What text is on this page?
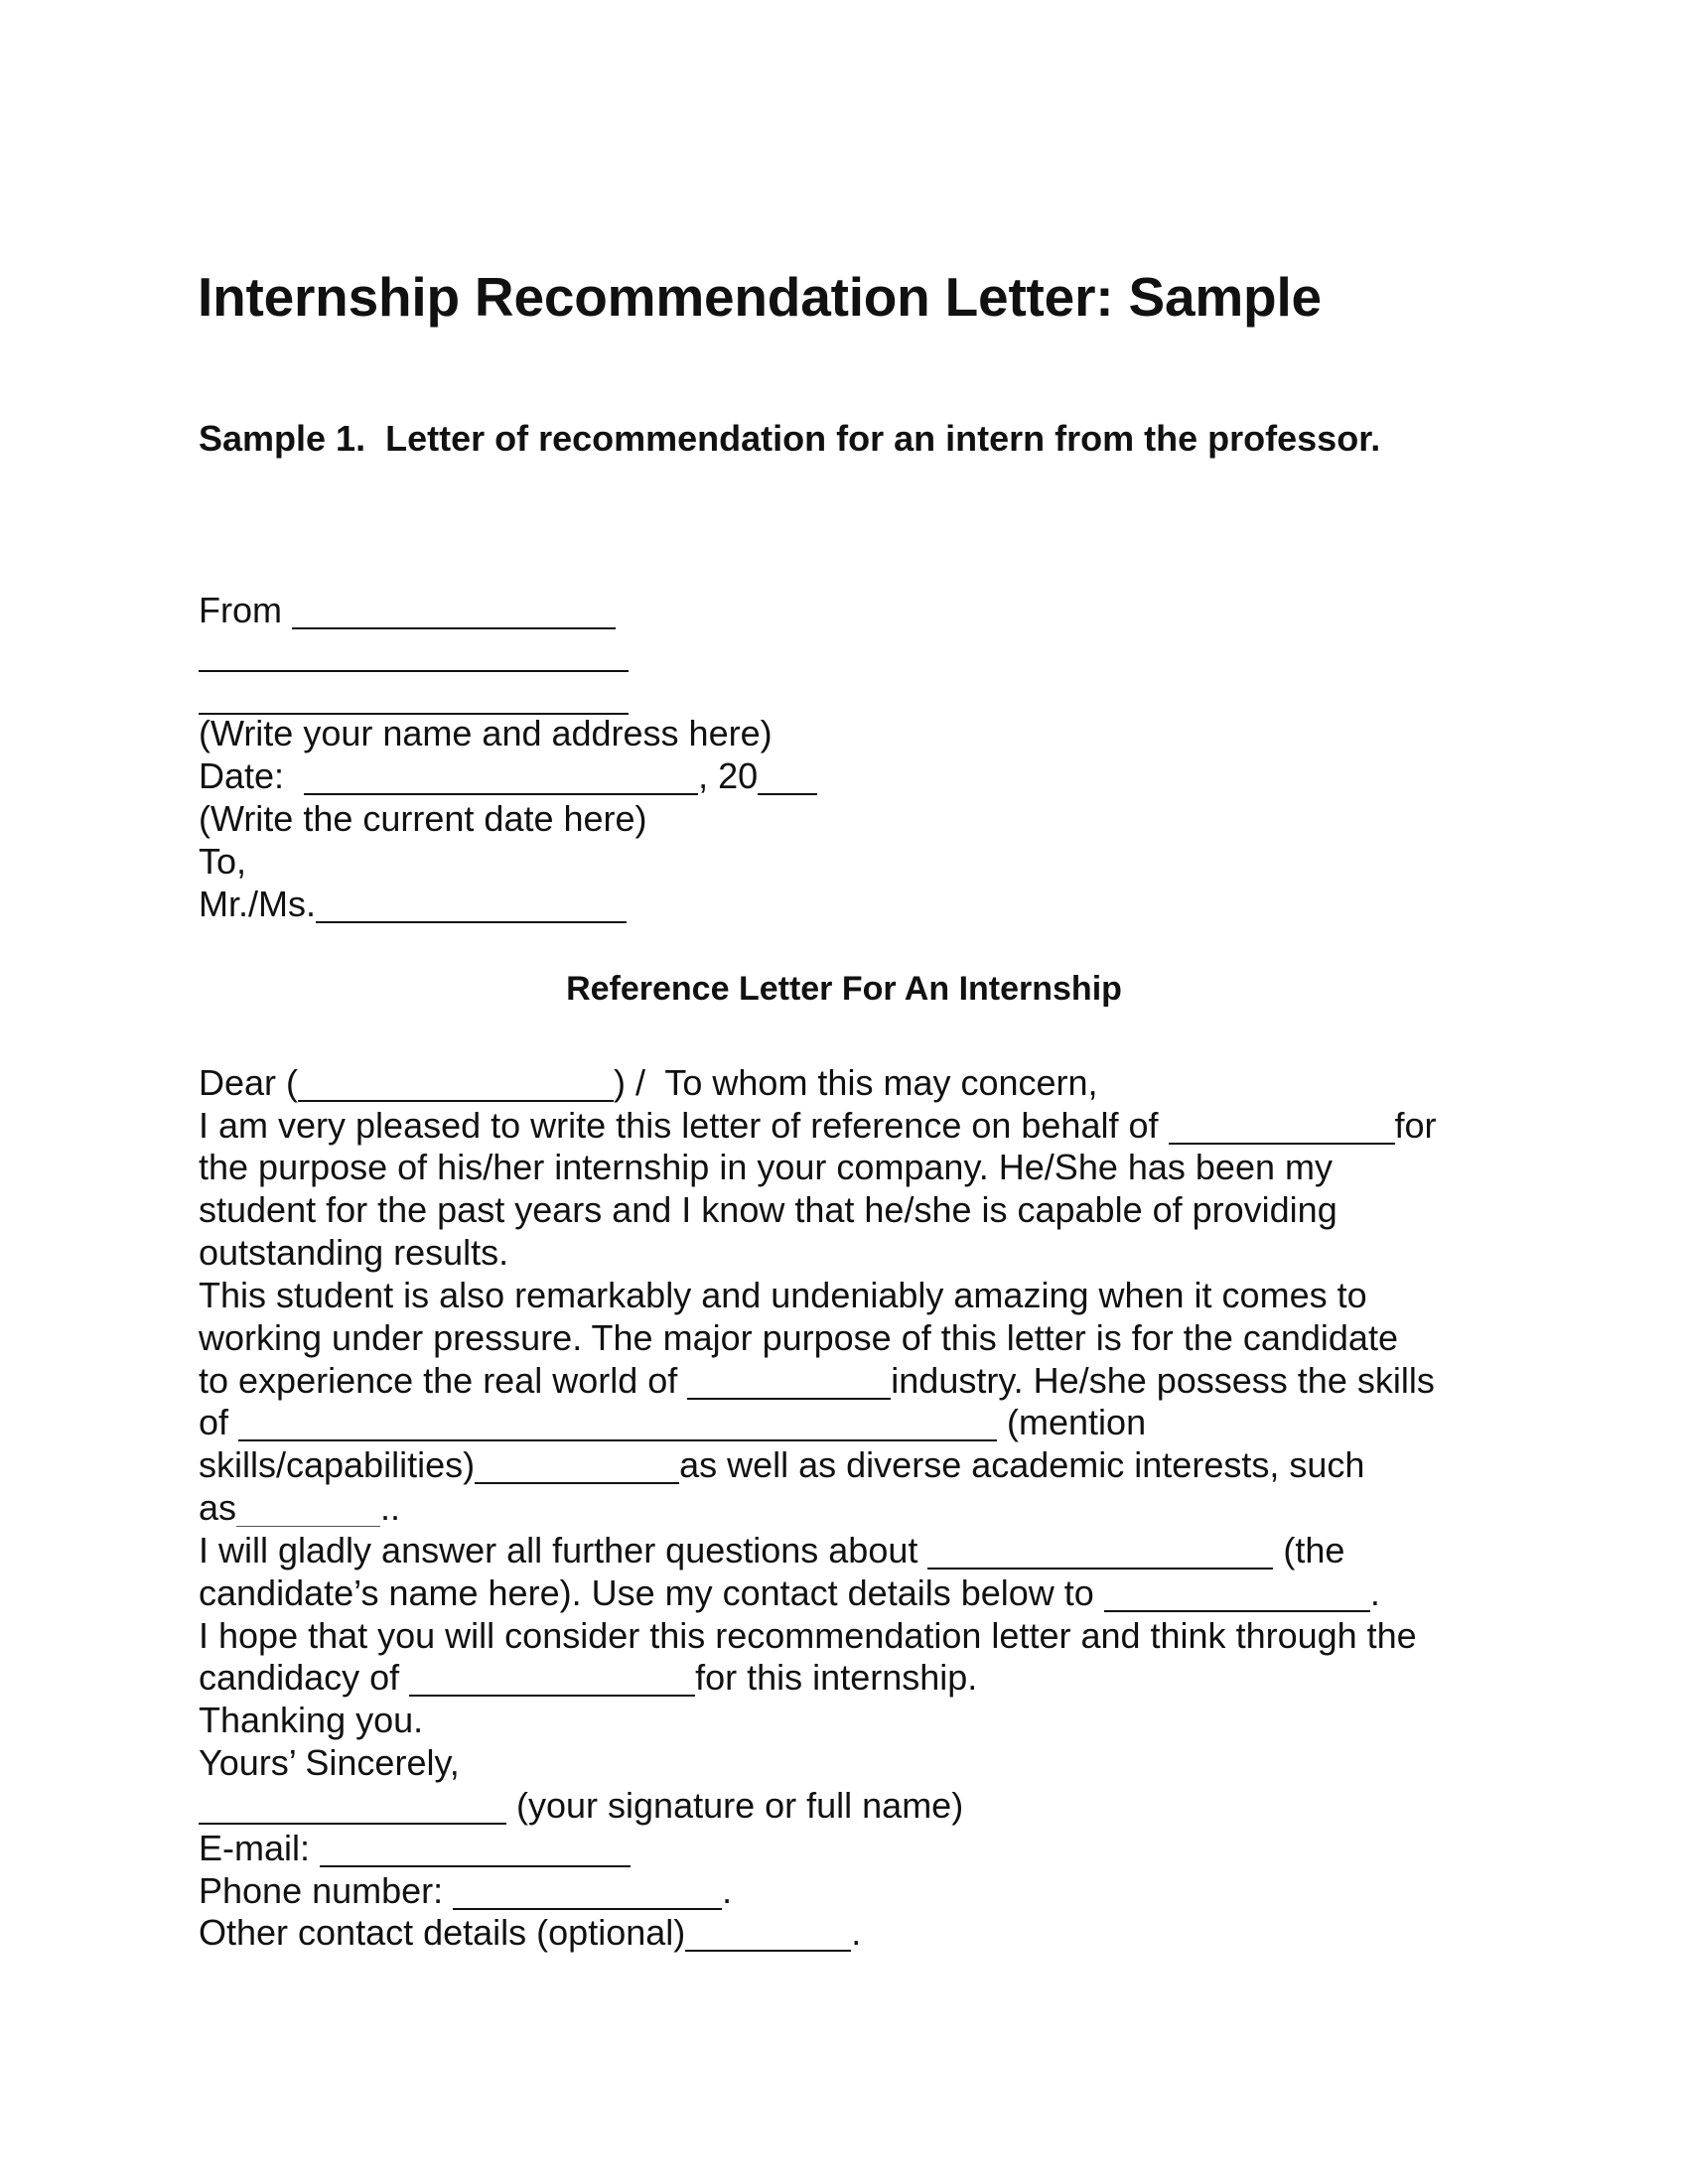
Internship Recommendation Letter: Sample
Sample 1.  Letter of recommendation for an intern from the professor.
From
(Write your name and address here)
Date:	, 20
(Write the current date here)
To,
Mr./Ms.
Reference Letter For An Internship
Dear (	) /  To whom this may concern,
I am very pleased to write this letter of reference on behalf of	for
the purpose of his/her internship in your company. He/She has been my
student for the past years and I know that he/she is capable of providing
outstanding results.
This student is also remarkably and undeniably amazing when it comes to
working under pressure. The major purpose of this letter is for the candidate
to experience the real world of	industry. He/she possess the skills
of	(mention
skills/capabilities)	as well as diverse academic interests, such
as	..
I will gladly answer all further questions about	(the
candidate’s name here). Use my contact details below to	.
I hope that you will consider this recommendation letter and think through the
candidacy of	for this internship.
Thanking you.
Yours’ Sincerely,
(your signature or full name)
E-mail:
Phone number:	.
Other contact details (optional)	.
